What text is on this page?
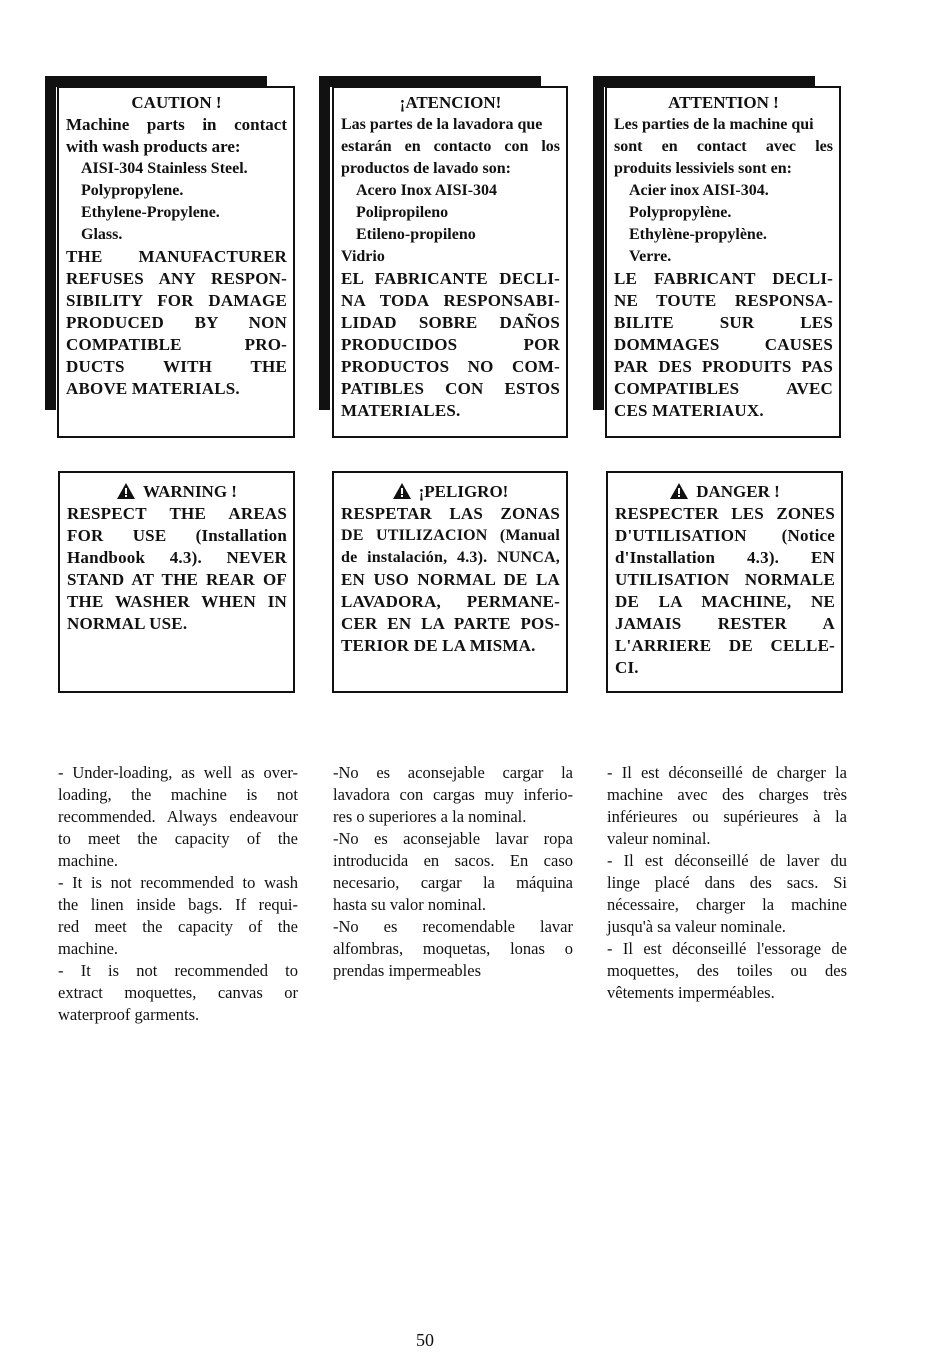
CAUTION !
Machine parts in contact
with wash products are:
AISI-304 Stainless Steel.
Polypropylene.
Ethylene-Propylene.
Glass.
THE MANUFACTURER
REFUSES ANY RESPON-
SIBILITY FOR DAMAGE
PRODUCED BY NON
COMPATIBLE PRO-
DUCTS WITH THE
ABOVE MATERIALS.
¡ATENCION!
Las partes de la lavadora que
estarán en contacto con los
productos de lavado son:
Acero Inox AISI-304
Polipropileno
Etileno-propileno
Vidrio
EL FABRICANTE DECLI-
NA TODA RESPONSABI-
LIDAD SOBRE DAÑOS
PRODUCIDOS POR
PRODUCTOS NO COM-
PATIBLES CON ESTOS
MATERIALES.
ATTENTION !
Les parties de la machine qui
sont en contact avec les
produits lessiviels sont en:
Acier inox AISI-304.
Polypropylène.
Ethylène-propylène.
Verre.
LE FABRICANT DECLI-
NE TOUTE RESPONSA-
BILITE SUR LES
DOMMAGES CAUSES
PAR DES PRODUITS PAS
COMPATIBLES AVEC
CES MATERIAUX.
WARNING !
RESPECT THE AREAS
FOR USE (Installation
Handbook 4.3). NEVER
STAND AT THE REAR OF
THE WASHER WHEN IN
NORMAL USE.
¡PELIGRO!
RESPETAR LAS ZONAS
DE UTILIZACION (Manual
de instalación, 4.3). NUNCA,
EN USO NORMAL DE LA
LAVADORA, PERMANE-
CER EN LA PARTE POS-
TERIOR DE LA MISMA.
DANGER !
RESPECTER LES ZONES
D'UTILISATION (Notice
d'Installation 4.3). EN
UTILISATION NORMALE
DE LA MACHINE, NE
JAMAIS RESTER A
L'ARRIERE DE CELLE-
CI.
- Under-loading, as well as over-
loading, the machine is not
recommended. Always endeavour
to meet the capacity of the
machine.
- It is not recommended to wash
the linen inside bags. If requi-
red meet the capacity of the
machine.
- It is not recommended to
extract moquettes, canvas or
waterproof garments.
-No es aconsejable cargar la
lavadora con cargas muy inferio-
res o superiores a la nominal.
-No es aconsejable lavar ropa
introducida en sacos. En caso
necesario, cargar la máquina
hasta su valor nominal.
-No es recomendable lavar
alfombras, moquetas, lonas o
prendas impermeables
- Il est déconseillé de charger la
machine avec des charges très
inférieures ou supérieures à la
valeur nominal.
- Il est déconseillé de laver du
linge placé dans des sacs. Si
nécessaire, charger la machine
jusqu'à sa valeur nominale.
- Il est déconseillé l'essorage de
moquettes, des toiles ou des
vêtements imperméables.
50
